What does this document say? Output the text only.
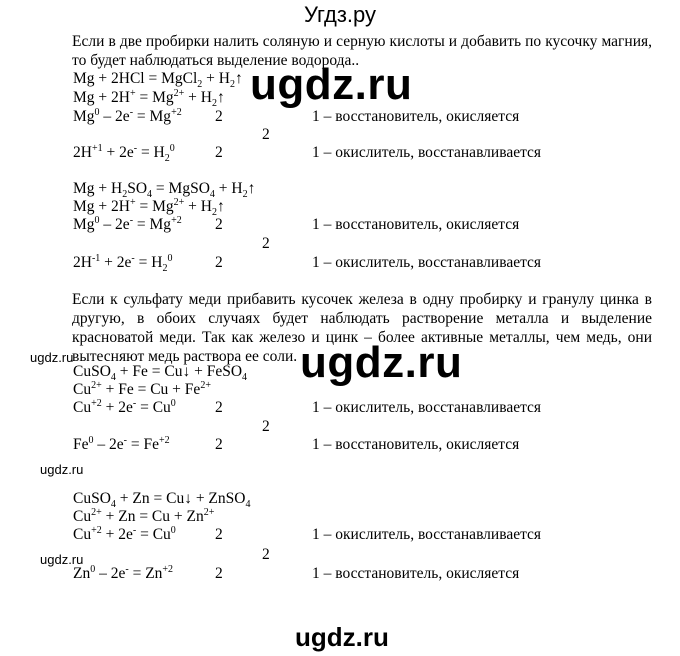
Угдз.ру
Если в две пробирки налить соляную и серную кислоты и добавить по кусочку магния, то будет наблюдаться выделение водорода..
Mg + 2HCl = MgCl$_2$ + $H_2↑$
$Mg + 2H^+ = Mg^{2+}$ + $H_2↑$
$Mg^0 - 2e^- = Mg^{+2}$ 2	1 – восстановитель, окисляется
2
$2H^{+1} + 2e^- = H_2^0$	2	1 – окислитель, восстанавливается
$Mg + H_2SO_4$ = MgSO$_4$ + $H_2↑$
$Mg + 2H^+ = Mg^{2+}$ + $H_2↑$
$Mg^0 - 2e^- = Mg^{+2}$ 2	1 – восстановитель, окисляется
2
$2H^{-1} + 2e^- = H_2^0$	2	1 – окислитель, восстанавливается
Если к сульфату меди прибавить кусочек железа в одну пробирку и гранулу цинка в другую, в обоих случаях будет наблюдать растворение металла и выделение красноватой меди. Так как железо и цинк – более активные металлы, чем медь, они вытесняют медь раствора ее соли.
CuSO$_4$ + Fe = Cu↓ + FeSO$_4$
$Cu^{2+} + Fe = Cu + Fe^{2+}$
$Cu^{+2} + 2e^- = Cu^0$	2	1 – окислитель, восстанавливается
2
$Fe^0 - 2e^- = Fe^{+2}$	2	1 – восстановитель, окисляется
CuSO$_4$ + Zn = Cu↓ + ZnSO$_4$
$Cu^{2+} + Zn = Cu + Zn^{2+}$
$Cu^{+2} + 2e^- = Cu^0$	2	1 – окислитель, восстанавливается
2
$Zn^0 - 2e^- = Zn^{+2}$	2	1 – восстановитель, окисляется
ugdz.ru
ugdz.ru
ugdz.ru
ugdz.ru
ugdz.ru
ugdz.ru
